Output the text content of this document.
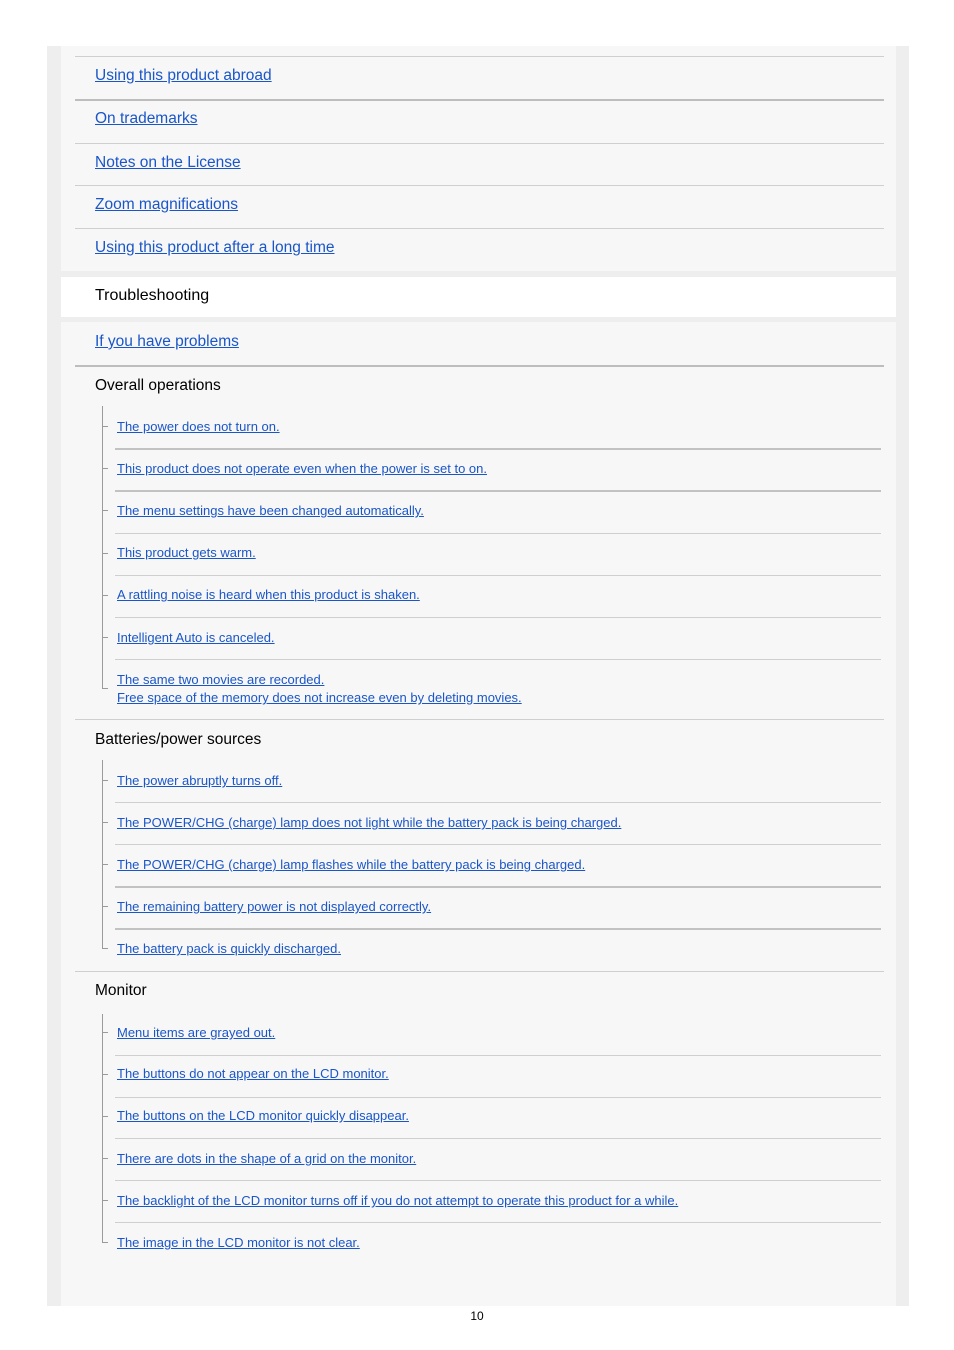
Using this product abroad
On trademarks
Notes on the License
Zoom magnifications
Using this product after a long time
Troubleshooting
If you have problems
Overall operations
The power does not turn on.
This product does not operate even when the power is set to on.
The menu settings have been changed automatically.
This product gets warm.
A rattling noise is heard when this product is shaken.
Intelligent Auto is canceled.
The same two movies are recorded.
Free space of the memory does not increase even by deleting movies.
Batteries/power sources
The power abruptly turns off.
The POWER/CHG (charge) lamp does not light while the battery pack is being charged.
The POWER/CHG (charge) lamp flashes while the battery pack is being charged.
The remaining battery power is not displayed correctly.
The battery pack is quickly discharged.
Monitor
Menu items are grayed out.
The buttons do not appear on the LCD monitor.
The buttons on the LCD monitor quickly disappear.
There are dots in the shape of a grid on the monitor.
The backlight of the LCD monitor turns off if you do not attempt to operate this product for a while.
The image in the LCD monitor is not clear.
10
